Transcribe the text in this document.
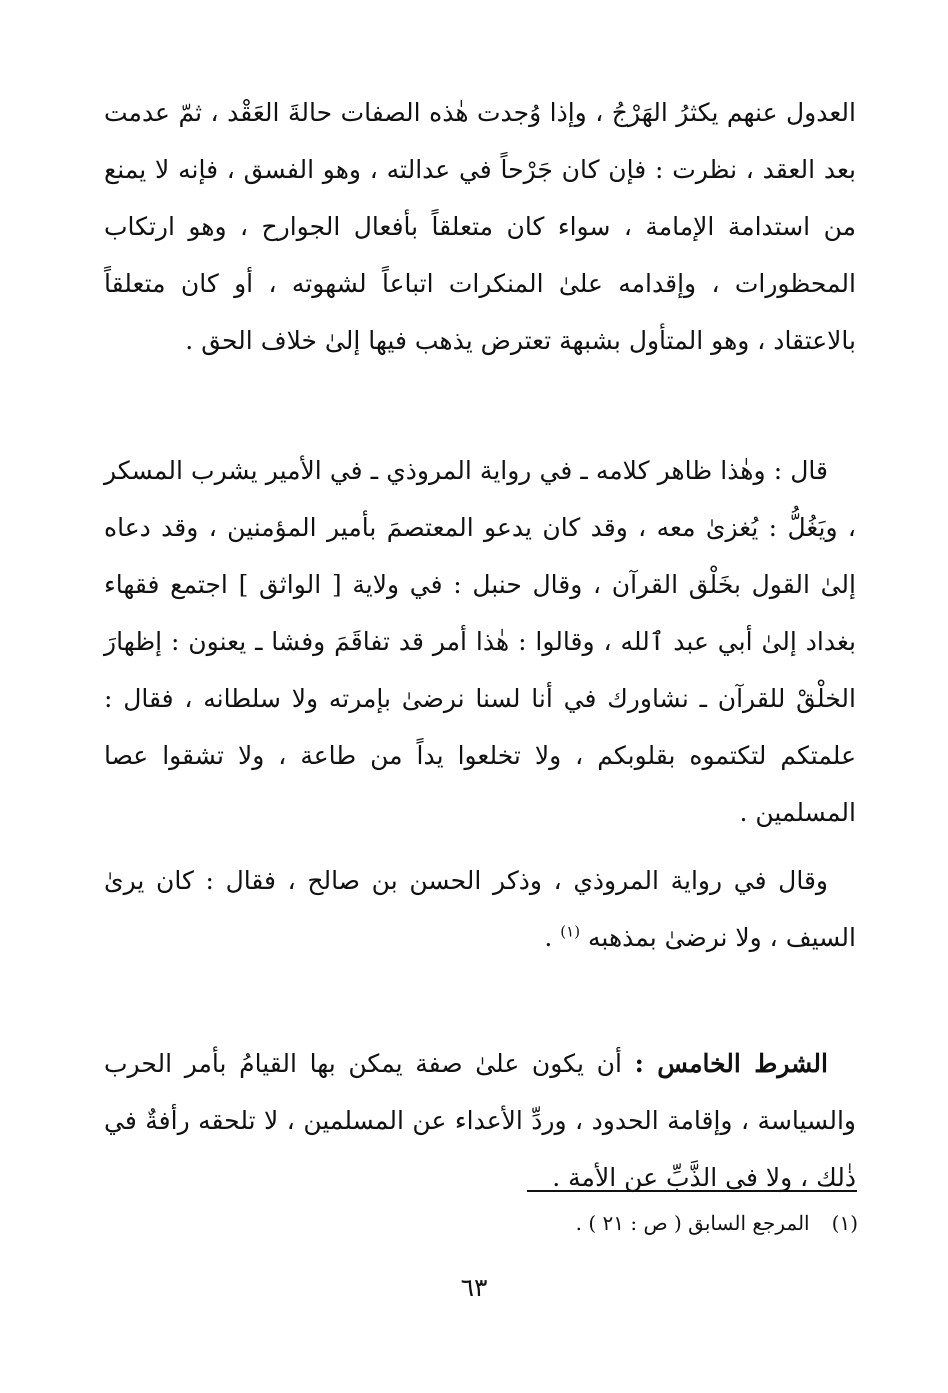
العدول عنهم يكثرُ الهَرْجُ ، وإذا وُجدت هٰذه الصفات حالةَ العَقْد ، ثمّ عدمت بعد العقد ، نظرت : فإن كان جَرْحاً في عدالته ، وهو الفسق ، فإنه لا يمنع من استدامة الإمامة ، سواء كان متعلقاً بأفعال الجوارح ، وهو ارتكاب المحظورات ، وإقدامه علىٰ المنكرات اتباعاً لشهوته ، أو كان متعلقاً بالاعتقاد ، وهو المتأول بشبهة تعترض يذهب فيها إلىٰ خلاف الحق .

قال : وهٰذا ظاهر كلامه ـ في رواية المروذي ـ في الأمير يشرب المسكر ، ويَغُلُّ : يُغزىٰ معه ، وقد كان يدعو المعتصمَ بأمير المؤمنين ، وقد دعاه إلىٰ القول بخَلْق القرآن ، وقال حنبل : في ولاية [ الواثق ] اجتمع فقهاء بغداد إلىٰ أبي عبد ٱلله ، وقالوا : هٰذا أمر قد تفاقَمَ وفشا ـ يعنون : إظهارَ الخلْقْ للقرآن ـ نشاورك في أنا لسنا نرضىٰ بإمرته ولا سلطانه ، فقال : علمتكم لتكتموه بقلوبكم ، ولا تخلعوا يداً من طاعة ، ولا تشقوا عصا المسلمين .

وقال في رواية المروذي ، وذكر الحسن بن صالح ، فقال : كان يرىٰ السيف ، ولا نرضىٰ بمذهبه $^{(١)}$ .

الشرط الخامس : أن يكون علىٰ صفة يمكن بها القيامُ بأمر الحرب والسياسة ، وإقامة الحدود ، وردِّ الأعداء عن المسلمين ، لا تلحقه رأفةٌ في ذٰلك ، ولا في الذَّبِّ عن الأمة .

(١)المرجع السابق ( ص : ٢١ ) .
٦٣
